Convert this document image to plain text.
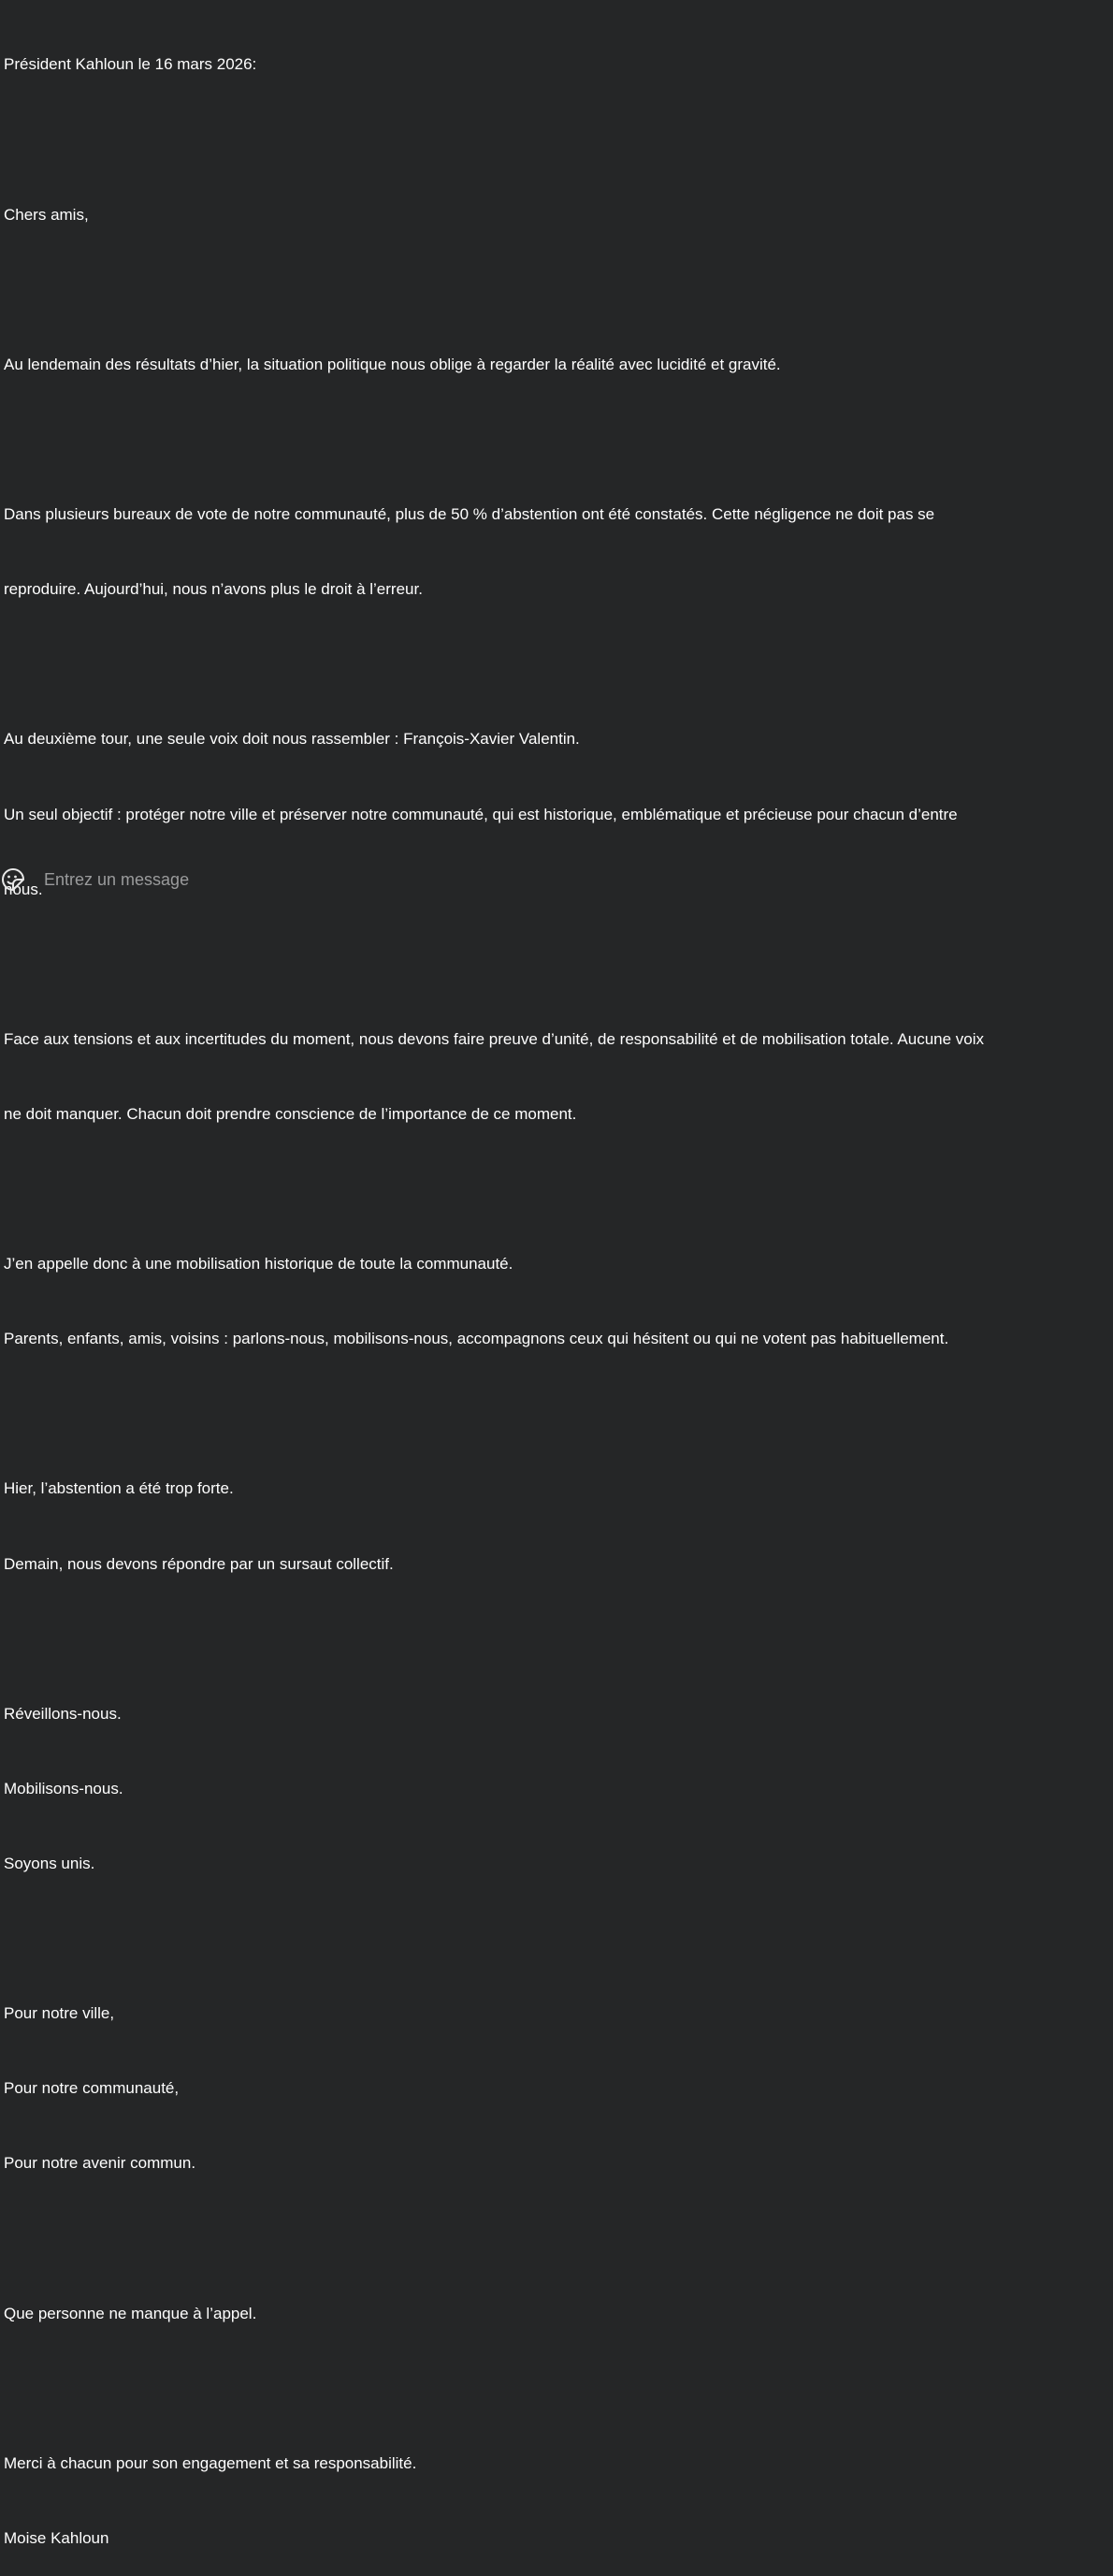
Président Kahloun le 16 mars 2026:

Chers amis,

Au lendemain des résultats d’hier, la situation politique nous oblige à regarder la réalité avec lucidité et gravité.

Dans plusieurs bureaux de vote de notre communauté, plus de 50 % d’abstention ont été constatés. Cette négligence ne doit pas se

reproduire. Aujourd’hui, nous n’avons plus le droit à l’erreur.

Au deuxième tour, une seule voix doit nous rassembler : François-Xavier Valentin.

Un seul objectif : protéger notre ville et préserver notre communauté, qui est historique, emblématique et précieuse pour chacun d’entre

nous.

Face aux tensions et aux incertitudes du moment, nous devons faire preuve d’unité, de responsabilité et de mobilisation totale. Aucune voix

ne doit manquer. Chacun doit prendre conscience de l’importance de ce moment.

J’en appelle donc à une mobilisation historique de toute la communauté.

Parents, enfants, amis, voisins : parlons-nous, mobilisons-nous, accompagnons ceux qui hésitent ou qui ne votent pas habituellement.

Hier, l’abstention a été trop forte.

Demain, nous devons répondre par un sursaut collectif.

Réveillons-nous.

Mobilisons-nous.

Soyons unis.

Pour notre ville,

Pour notre communauté,

Pour notre avenir commun.

Que personne ne manque à l’appel.

Merci à chacun pour son engagement et sa responsabilité.

Moise Kahloun

Entrez un message
